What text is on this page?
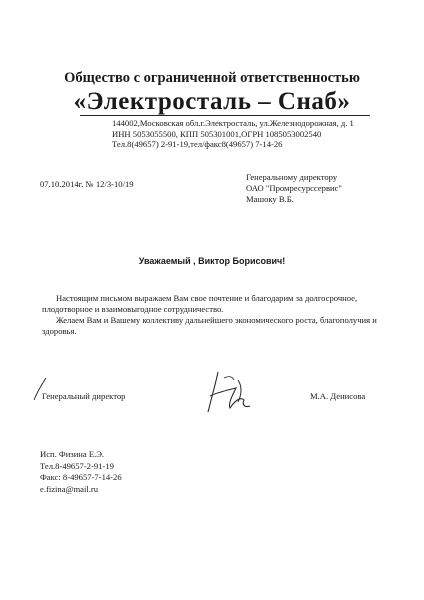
Общество с ограниченной ответственностью
«Электросталь – Снаб»
144002,Московская обл.г.Электросталь, ул.Железнодорожная, д. 1
ИНН 5053055500, КПП 505301001,ОГРН 1085053002540
Тел.8(49657) 2-91-19,тел/факс8(49657) 7-14-26
07.10.2014г. № 12/3-10/19
Генеральному директору
ОАО "Промресурссервис"
Машоку В.Б.
Уважаемый , Виктор Борисович!

Настоящим письмом выражаем Вам свое почтение и благодарим за долгосрочное, плодотворное и взаимовыгодное сотрудничество.

Желаем Вам и Вашему коллективу дальнейшего экономического роста, благополучия и здоровья.

Генеральный директор	М.А. Денисова
Исп. Физина Е.Э.
Тел.8-49657-2-91-19
Факс: 8-49657-7-14-26
e.fizina@mail.ru
